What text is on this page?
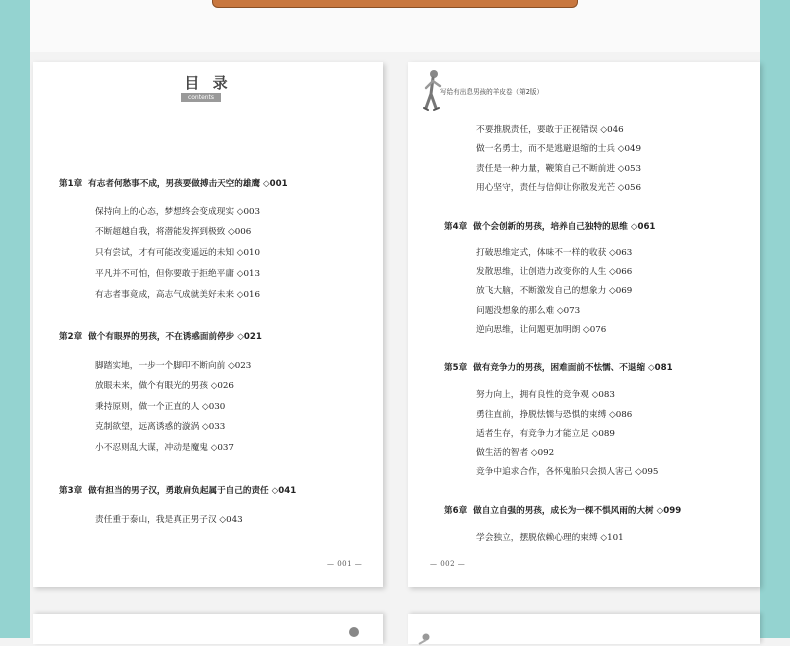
目 录
contents
第1章 有志者何愁事不成，男孩要做搏击天空的雄鹰 ◇001
保持向上的心态，梦想终会变成现实 ◇003
不断超越自我，将潜能发挥到极致 ◇006
只有尝试，才有可能改变遥远的未知 ◇010
平凡并不可怕，但你要敢于拒绝平庸 ◇013
有志者事竟成，高志气成就美好未来 ◇016
第2章 做个有眼界的男孩，不在诱惑面前停步 ◇021
脚踏实地，一步一个脚印不断向前 ◇023
放眼未来，做个有眼光的男孩 ◇026
秉持原则，做一个正直的人 ◇030
克制欲望，远离诱惑的漩涡 ◇033
小不忍则乱大谋，冲动是魔鬼 ◇037
第3章 做有担当的男子汉，勇敢肩负起属于自己的责任 ◇041
责任重于泰山，我是真正男子汉 ◇043
— 001 —
写给有出息男孩的羊皮卷（第2版）
不要推脱责任，要敢于正视错误 ◇046
做一名勇士，而不是逃避退缩的士兵 ◇049
责任是一种力量，鞭策自己不断前进 ◇053
用心坚守，责任与信仰让你散发光芒 ◇056
第4章 做个会创新的男孩，培养自己独特的思维 ◇061
打破思维定式，体味不一样的收获 ◇063
发散思维，让创造力改变你的人生 ◇066
放飞大脑，不断激发自己的想象力 ◇069
问题没想象的那么难 ◇073
逆向思维，让问题更加明朗 ◇076
第5章 做有竞争力的男孩，困难面前不怯懦、不退缩 ◇081
努力向上，拥有良性的竞争观 ◇083
勇往直前，挣脱怯懦与恐惧的束缚 ◇086
适者生存，有竞争力才能立足 ◇089
做生活的智者 ◇092
竞争中追求合作，各怀鬼胎只会损人害己 ◇095
第6章 做自立自强的男孩，成长为一棵不惧风雨的大树 ◇099
学会独立，摆脱依赖心理的束缚 ◇101
— 002 —
